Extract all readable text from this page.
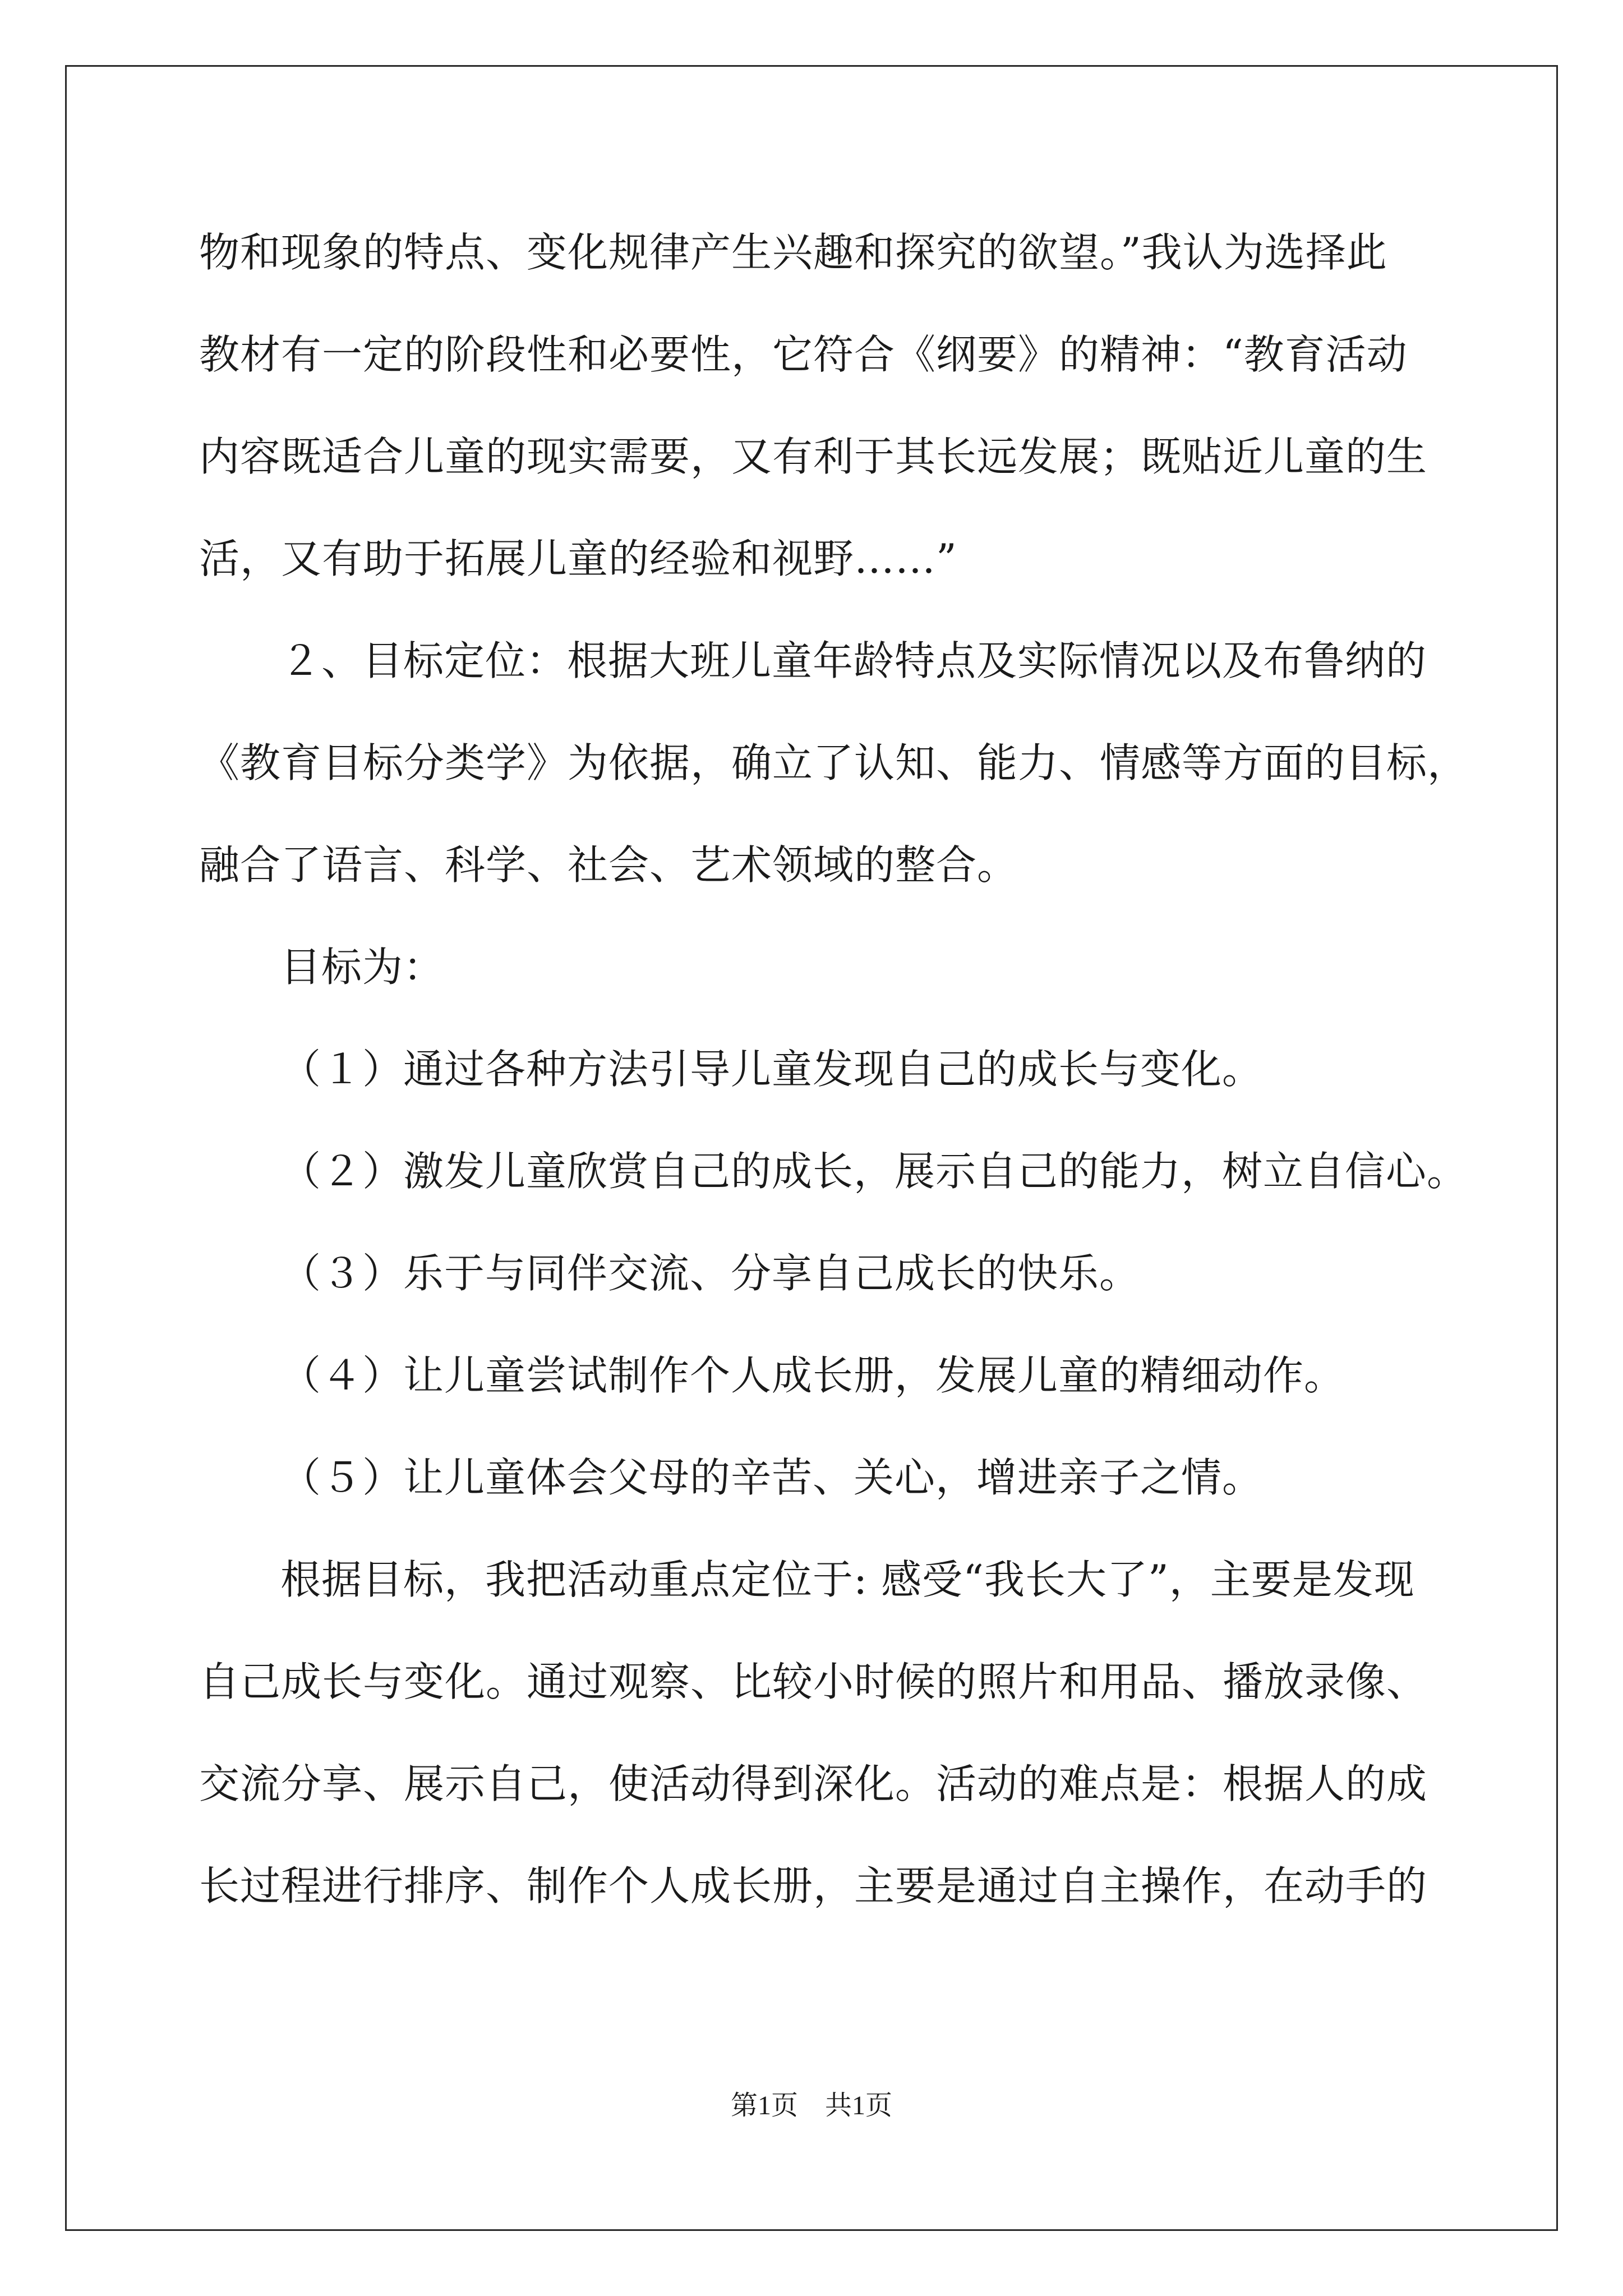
物和现象的特点、变化规律产生兴趣和探究的欲望。”我认为选择此
教材有一定的阶段性和必要性，它符合《纲要》的精神：“教育活动
内容既适合儿童的现实需要，又有利于其长远发展；既贴近儿童的生
活，又有助于拓展儿童的经验和视野……”
２、目标定位：根据大班儿童年龄特点及实际情况以及布鲁纳的
《教育目标分类学》为依据，确立了认知、能力、情感等方面的目标，
融合了语言、科学、社会、艺术领域的整合。
目标为：
（１）通过各种方法引导儿童发现自己的成长与变化。
（２）激发儿童欣赏自己的成长，展示自己的能力，树立自信心。
（３）乐于与同伴交流、分享自己成长的快乐。
（４）让儿童尝试制作个人成长册，发展儿童的精细动作。
（５）让儿童体会父母的辛苦、关心，增进亲子之情。
根据目标，我把活动重点定位于: 感受“我长大了”，主要是发现
自己成长与变化。通过观察、比较小时候的照片和用品、播放录像、
交流分享、展示自己，使活动得到深化。活动的难点是：根据人的成
长过程进行排序、制作个人成长册，主要是通过自主操作，在动手的
第1页 共1页
